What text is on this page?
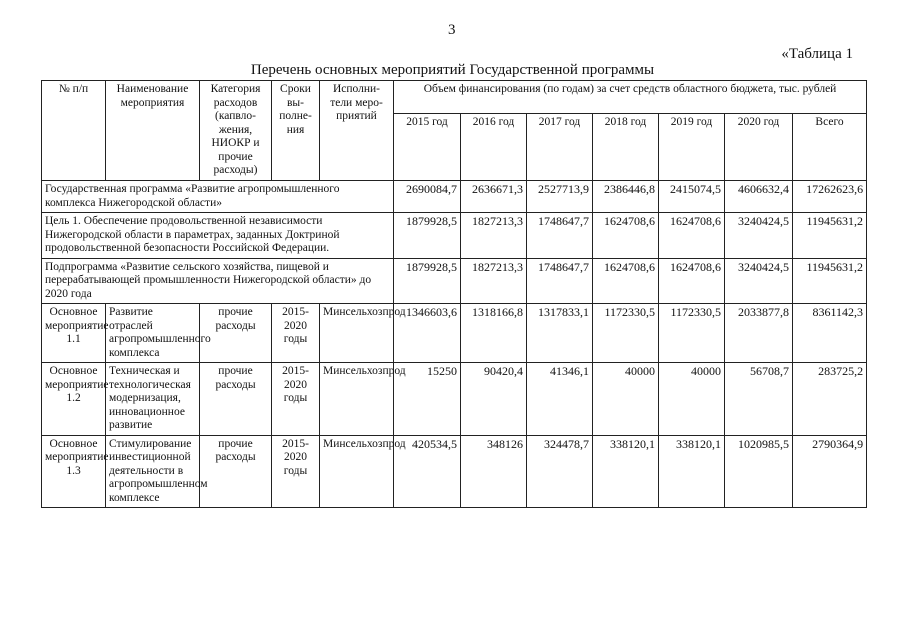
3
«Таблица 1
Перечень основных мероприятий Государственной программы
№ п/п	Наименование мероприятия	Категория расходов (капвло-жения, НИОКР и прочие расходы)	Сроки вы-полне-ния	Исполни-тели меро-приятий	Объем финансирования (по годам) за счет средств областного бюджета, тыс. рублей						
					2015 год	2016 год	2017 год	2018 год	2019 год	2020 год	Всего
Государственная программа «Развитие агропромышленного комплекса Нижегородской области»					2690084,7	2636671,3	2527713,9	2386446,8	2415074,5	4606632,4	17262623,6
Цель 1. Обеспечение продовольственной независимости Нижегородской области в параметрах, заданных Доктриной продовольственной безопасности Российской Федерации.					1879928,5	1827213,3	1748647,7	1624708,6	1624708,6	3240424,5	11945631,2
Подпрограмма «Развитие сельского хозяйства, пищевой и перерабатывающей промышленности Нижегородской области» до 2020 года					1879928,5	1827213,3	1748647,7	1624708,6	1624708,6	3240424,5	11945631,2
Основное мероприятие 1.1	Развитие отраслей агропромышленного комплекса	прочие расходы	2015-2020 годы	Минсельхозпрод	1346603,6	1318166,8	1317833,1	1172330,5	1172330,5	2033877,8	8361142,3
Основное мероприятие 1.2	Техническая и технологическая модернизация, инновационное развитие	прочие расходы	2015-2020 годы	Минсельхозпрод	15250	90420,4	41346,1	40000	40000	56708,7	283725,2
Основное мероприятие 1.3	Стимулирование инвестиционной деятельности в агропромышленном комплексе	прочие расходы	2015-2020 годы	Минсельхозпрод	420534,5	348126	324478,7	338120,1	338120,1	1020985,5	2790364,9
